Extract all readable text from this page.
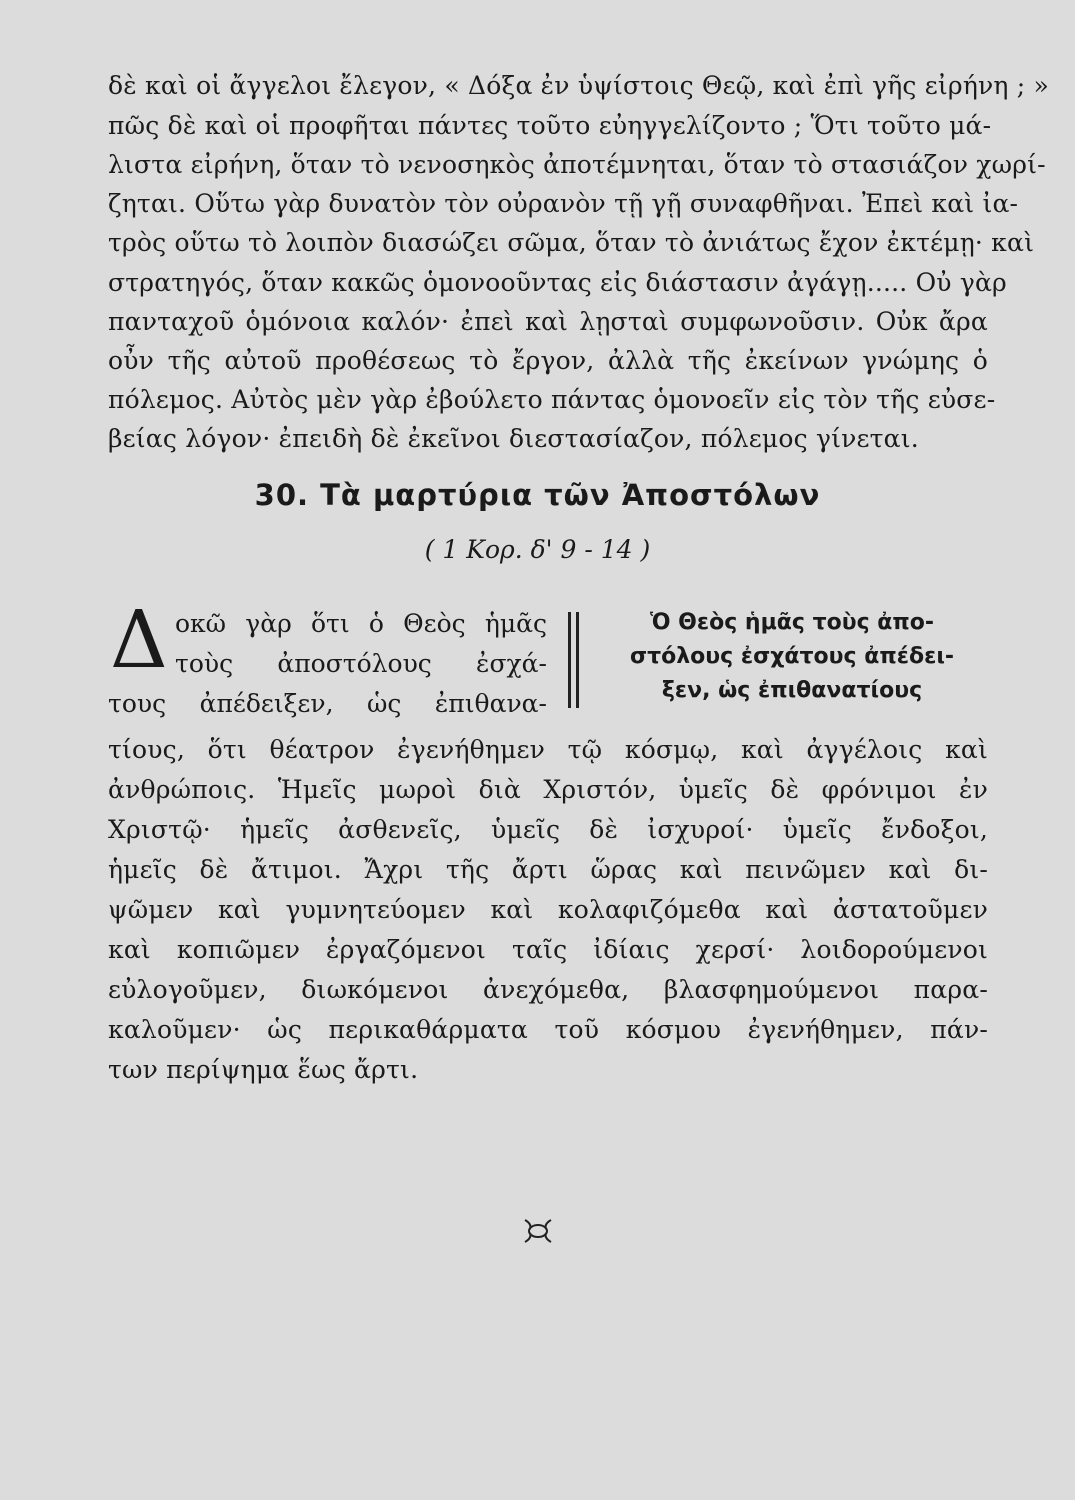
δὲ καὶ οἱ ἄγγελοι ἔλεγον, « Δόξα ἐν ὑψίστοις Θεῷ, καὶ ἐπὶ γῆς εἰρήνη ; »
πῶς δὲ καὶ οἱ προφῆται πάντες τοῦτο εὐηγγελίζοντο ; Ὅτι τοῦτο μά-
λιστα εἰρήνη, ὅταν τὸ νενοσηκὸς ἀποτέμνηται, ὅταν τὸ στασιάζον χωρί-
ζηται. Οὕτω γὰρ δυνατὸν τὸν οὐρανὸν τῇ γῇ συναφθῆναι. Ἐπεὶ καὶ ἰα-
τρὸς οὕτω τὸ λοιπὸν διασώζει σῶμα, ὅταν τὸ ἀνιάτως ἔχον ἐκτέμῃ· καὶ
στρατηγός, ὅταν κακῶς ὁμονοοῦντας εἰς διάστασιν ἀγάγῃ..... Οὐ γὰρ
πανταχοῦ ὁμόνοια καλόν· ἐπεὶ καὶ λῃσταὶ συμφωνοῦσιν. Οὐκ ἄρα
οὖν τῆς αὐτοῦ προθέσεως τὸ ἔργον, ἀλλὰ τῆς ἐκείνων γνώμης ὁ
πόλεμος. Αὐτὸς μὲν γὰρ ἐβούλετο πάντας ὁμονοεῖν εἰς τὸν τῆς εὐσε-
βείας λόγον· ἐπειδὴ δὲ ἐκεῖνοι διεστασίαζον, πόλεμος γίνεται.
30. Τὰ μαρτύρια τῶν Ἀποστόλων
( 1 Κορ. δ' 9 - 14 )
Δ οκῶ γὰρ ὅτι ὁ Θεὸς ἡμᾶς
τοὺς ἀποστόλους ἐσχά-
τους ἀπέδειξεν, ὡς ἐπιθανα-
Ὁ Θεὸς ἡμᾶς τοὺς ἀπο-
στόλους ἐσχάτους ἀπέδει-
ξεν, ὡς ἐπιθανατίους
τίους, ὅτι θέατρον ἐγενήθημεν τῷ κόσμῳ, καὶ ἀγγέλοις καὶ
ἀνθρώποις. Ἡμεῖς μωροὶ διὰ Χριστόν, ὑμεῖς δὲ φρόνιμοι ἐν
Χριστῷ· ἡμεῖς ἀσθενεῖς, ὑμεῖς δὲ ἰσχυροί· ὑμεῖς ἔνδοξοι,
ἡμεῖς δὲ ἄτιμοι. Ἄχρι τῆς ἄρτι ὥρας καὶ πεινῶμεν καὶ δι-
ψῶμεν καὶ γυμνητεύομεν καὶ κολαφιζόμεθα καὶ ἀστατοῦμεν
καὶ κοπιῶμεν ἐργαζόμενοι ταῖς ἰδίαις χερσί· λοιδορούμενοι
εὐλογοῦμεν, διωκόμενοι ἀνεχόμεθα, βλασφημούμενοι παρα-
καλοῦμεν· ὡς περικαθάρματα τοῦ κόσμου ἐγενήθημεν, πάν-
των περίψημα ἕως ἄρτι.
